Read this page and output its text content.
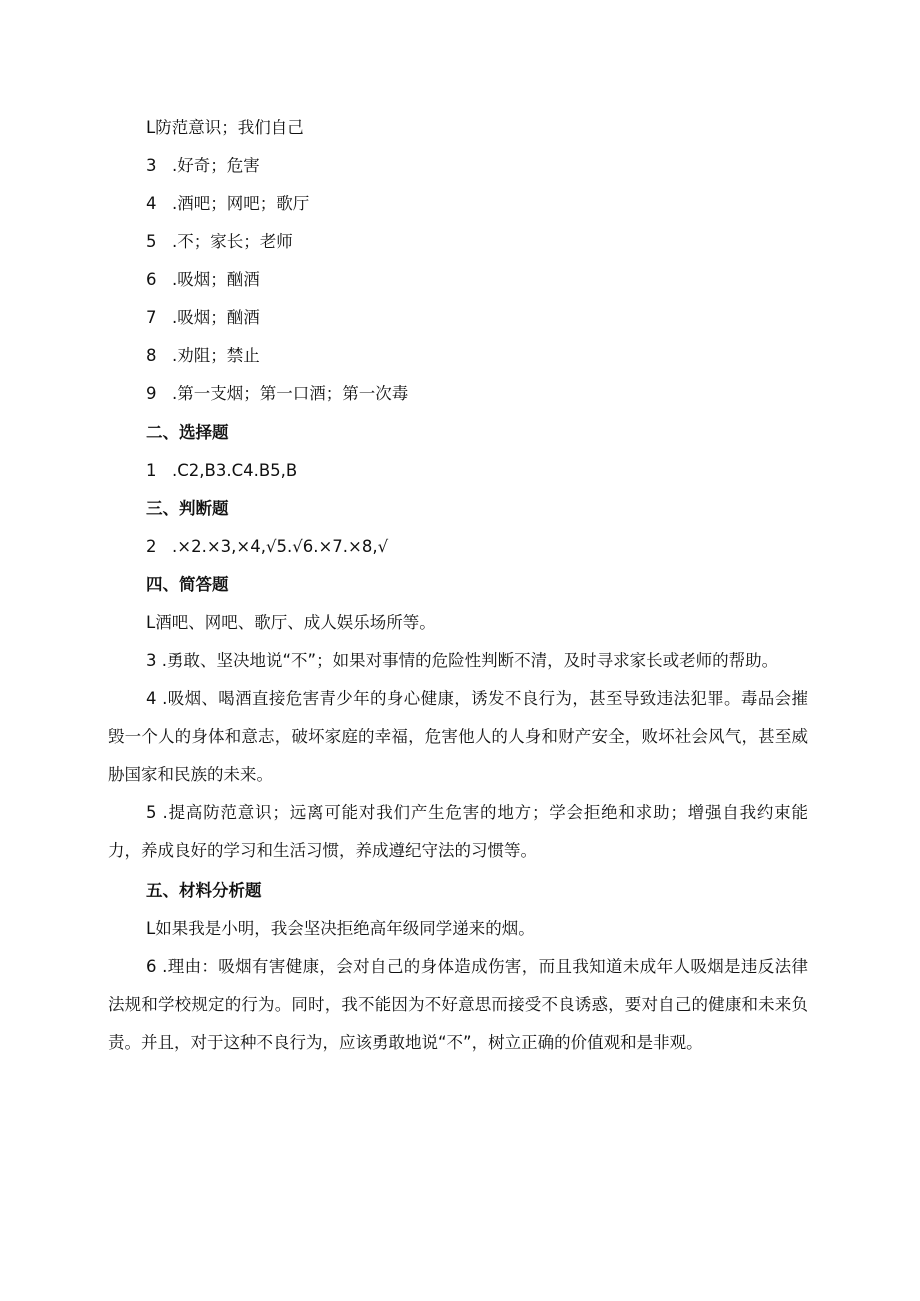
L防范意识；我们自己
3 .好奇；危害
4 .酒吧；网吧；歌厅
5 .不；家长；老师
6 .吸烟；酗酒
7 .吸烟；酗酒
8 .劝阻；禁止
9 .第一支烟；第一口酒；第一次毒
二、选择题
1 .C2,B3.C4.B5,B
三、判断题
2 .×2.×3,×4,√5.√6.×7.×8,√
四、简答题
L酒吧、网吧、歌厅、成人娱乐场所等。

3 .勇敢、坚决地说“不”；如果对事情的危险性判断不清，及时寻求家长或老师的帮助。

4 .吸烟、喝酒直接危害青少年的身心健康，诱发不良行为，甚至导致违法犯罪。毒品会摧毁一个人的身体和意志，破坏家庭的幸福，危害他人的人身和财产安全，败坏社会风气，甚至威胁国家和民族的未来。

5 .提高防范意识；远离可能对我们产生危害的地方；学会拒绝和求助；增强自我约束能力，养成良好的学习和生活习惯，养成遵纪守法的习惯等。

五、材料分析题
L如果我是小明，我会坚决拒绝高年级同学递来的烟。

6 .理由：吸烟有害健康，会对自己的身体造成伤害，而且我知道未成年人吸烟是违反法律法规和学校规定的行为。同时，我不能因为不好意思而接受不良诱惑，要对自己的健康和未来负责。并且，对于这种不良行为，应该勇敢地说“不”，树立正确的价值观和是非观。
